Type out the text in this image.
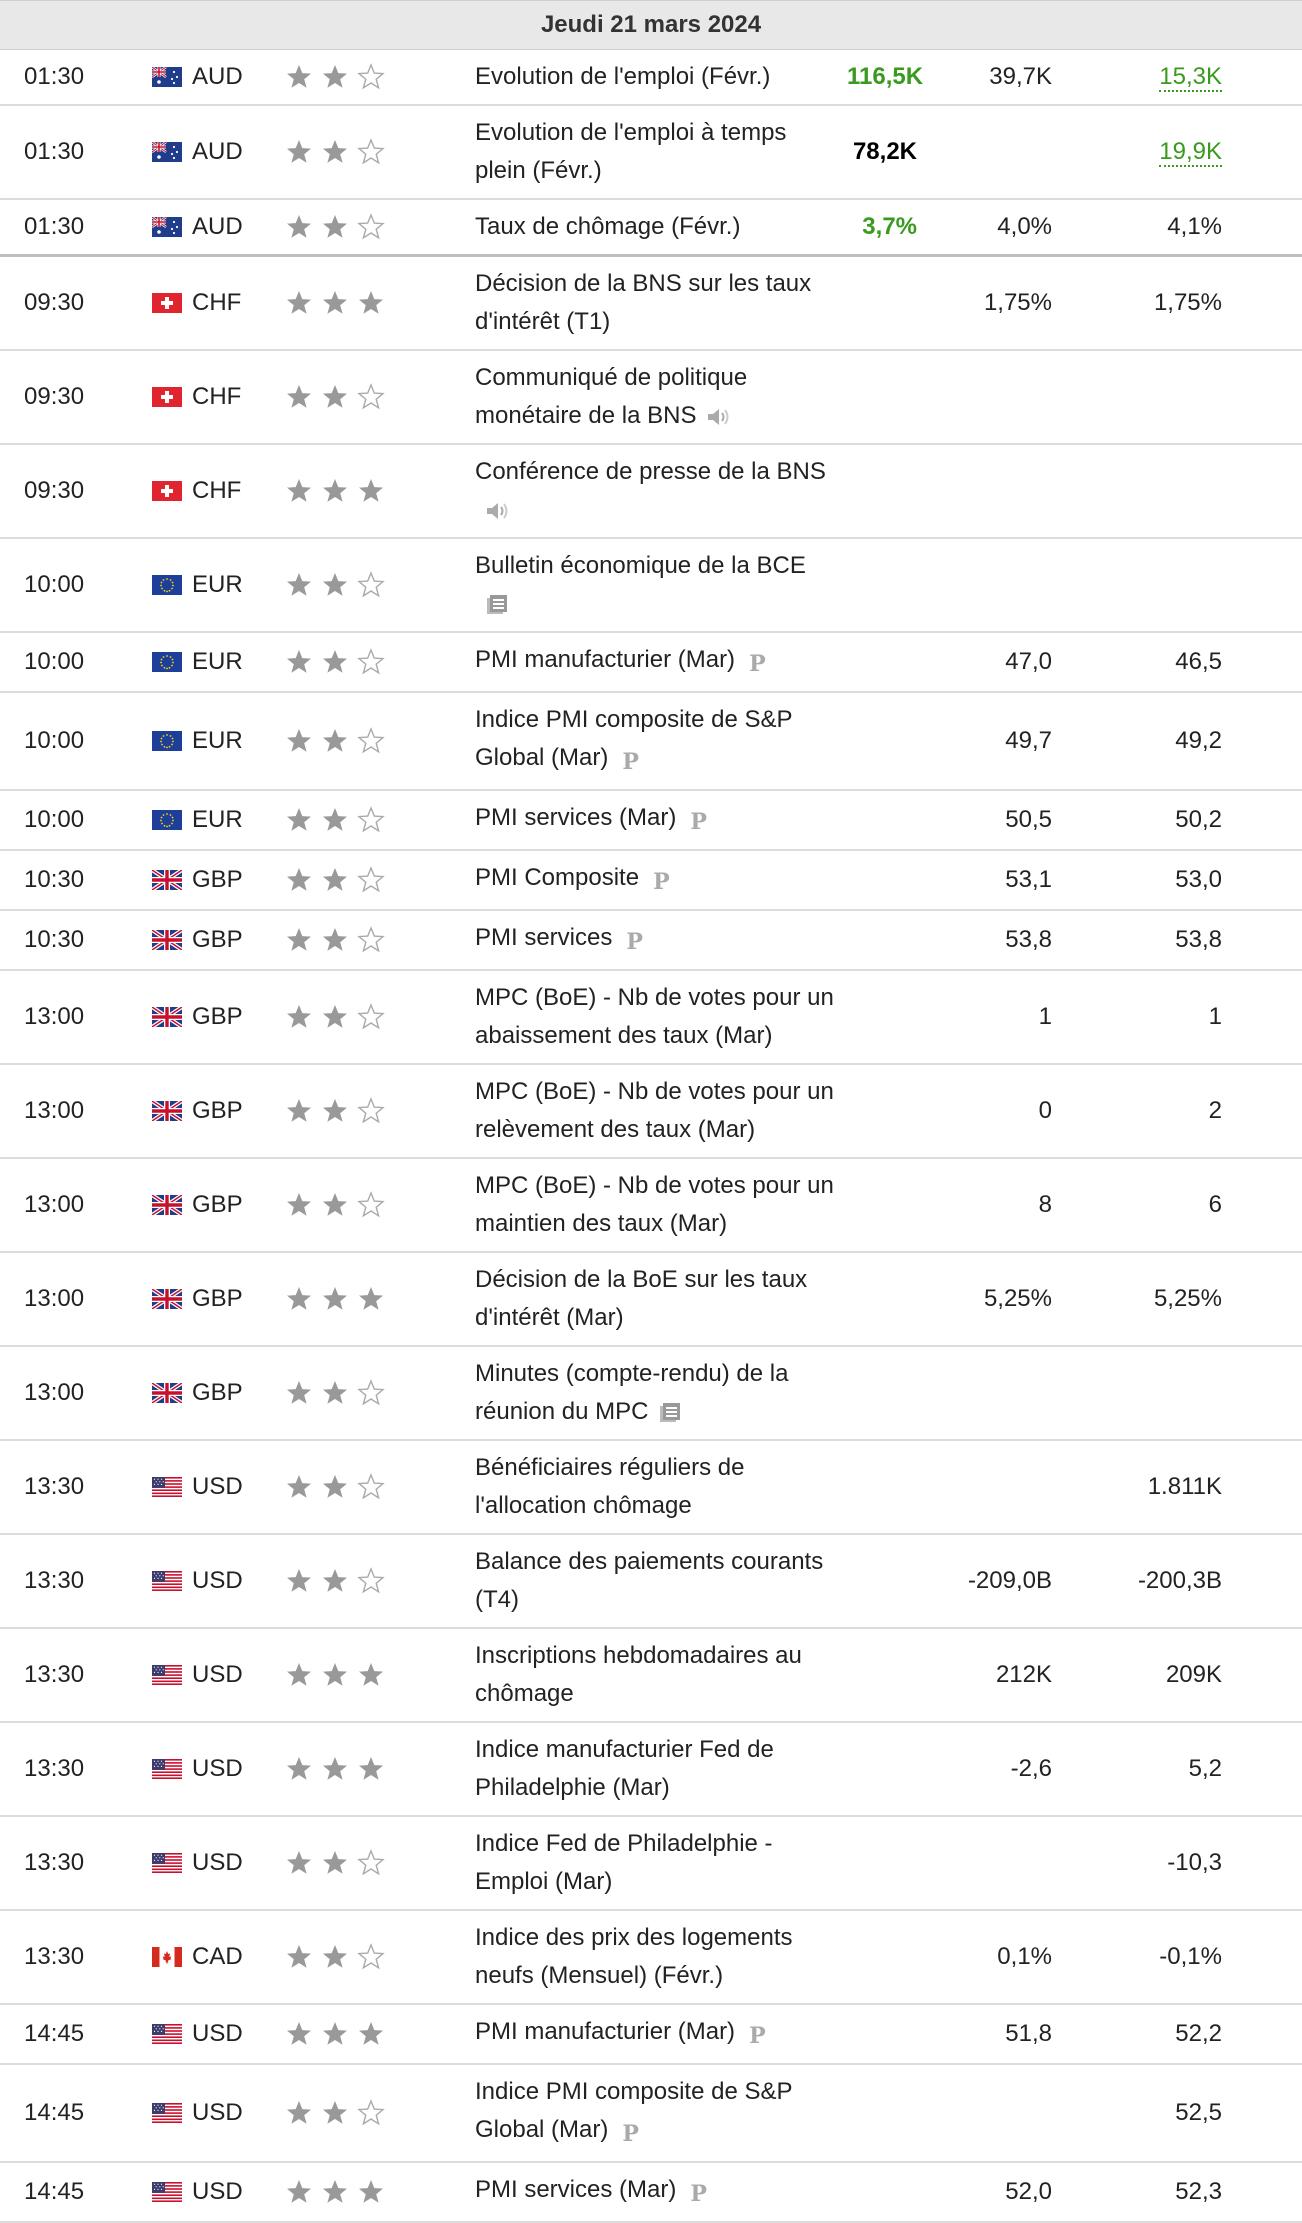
Jeudi 21 mars 2024							
01:30	AUD		Evolution de l'emploi (Févr.)	116,5K	39,7K	15,3K	
01:30	AUD		Evolution de l'emploi à temps plein (Févr.)	78,2K		19,9K	
01:30	AUD		Taux de chômage (Févr.)	3,7%	4,0%	4,1%	
09:30	CHF		Décision de la BNS sur les taux d'intérêt (T1)		1,75%	1,75%	
09:30	CHF		Communiqué de politique monétaire de la BNS				
09:30	CHF		Conférence de presse de la BNS				
10:00	EUR		Bulletin économique de la BCE				
10:00	EUR		PMI manufacturier (Mar) P		47,0	46,5	
10:00	EUR		Indice PMI composite de S&P Global (Mar) P		49,7	49,2	
10:00	EUR		PMI services (Mar) P		50,5	50,2	
10:30	GBP		PMI Composite P		53,1	53,0	
10:30	GBP		PMI services P		53,8	53,8	
13:00	GBP		MPC (BoE) - Nb de votes pour un abaissement des taux (Mar)		1	1	
13:00	GBP		MPC (BoE) - Nb de votes pour un relèvement des taux (Mar)		0	2	
13:00	GBP		MPC (BoE) - Nb de votes pour un maintien des taux (Mar)		8	6	
13:00	GBP		Décision de la BoE sur les taux d'intérêt (Mar)		5,25%	5,25%	
13:00	GBP		Minutes (compte-rendu) de la réunion du MPC				
13:30	USD		Bénéficiaires réguliers de l'allocation chômage			1.811K	
13:30	USD		Balance des paiements courants (T4)		-209,0B	-200,3B	
13:30	USD		Inscriptions hebdomadaires au chômage		212K	209K	
13:30	USD		Indice manufacturier Fed de Philadelphie (Mar)		-2,6	5,2	
13:30	USD		Indice Fed de Philadelphie - Emploi (Mar)			-10,3	
13:30	CAD		Indice des prix des logements neufs (Mensuel) (Févr.)		0,1%	-0,1%	
14:45	USD		PMI manufacturier (Mar) P		51,8	52,2	
14:45	USD		Indice PMI composite de S&P Global (Mar) P			52,5	
14:45	USD		PMI services (Mar) P		52,0	52,3	
